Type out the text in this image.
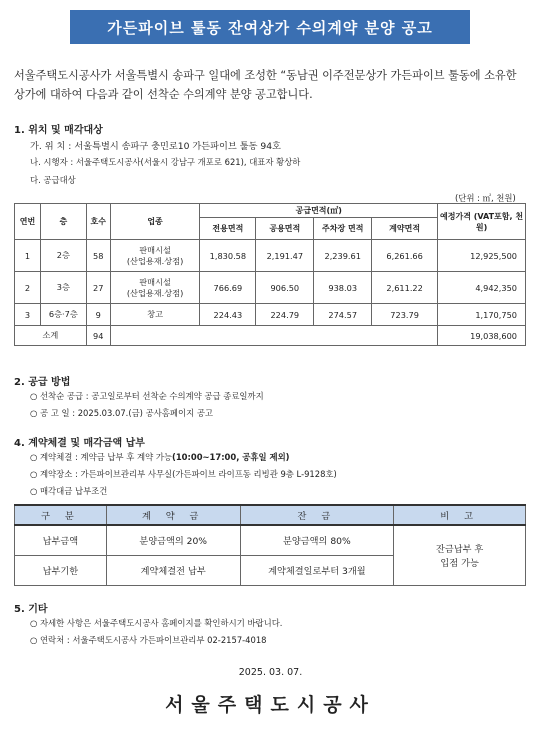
가든파이브 툴동 잔여상가 수의계약 분양 공고
서울주택도시공사가 서울특별시 송파구 일대에 조성한 “동남권 이주전문상가 가든파이브 툴동에 소유한 상가에 대하여 다음과 같이 선착순 수의계약 분양 공고합니다.
1. 위치 및 매각대상
가. 위 치 : 서울특별시 송파구 충민로10 가든파이브 툴동 94호
나. 시행자 : 서울주택도시공사(서울시 강남구 개포로 621), 대표자 황상하
다. 공급대상
(단위 : ㎡, 천원)
연번	층	호수	업종	공급면적(㎡)				예정가격 (VAT포함, 천원)
				전용면적	공용면적	주차장 면적	계약면적	
1	2층	58	판매시설
(산업용재.상점)	1,830.58	2,191.47	2,239.61	6,261.66	12,925,500
2	3층	27	판매시설
(산업용재.상점)	766.69	906.50	938.03	2,611.22	4,942,350
3	6층·7층	9	창고	224.43	224.79	274.57	723.79	1,170,750
소계		94						19,038,600
2. 공급 방법
○ 선착순 공급 : 공고일로부터 선착순 수의계약 공급 종료일까지
○ 공 고 일 : 2025.03.07.(금) 공사홈페이지 공고
4. 계약체결 및 매각금액 납부
○ 계약체결 : 계약금 납부 후 계약 가능(10:00~17:00, 공휴일 제외)
○ 계약장소 : 가든파이브관리부 사무실(가든파이브 라이프동 리빙관 9층 L-9128호)
○ 매각대금 납부조건
구 분	계 약 금	잔 금	비 고
납부금액	분양금액의 20%	분양금액의 80%	잔금납부 후
입점 가능
납부기한	계약체결전 납부	계약체결일로부터 3개월	
5. 기타
○ 자세한 사항은 서울주택도시공사 홈페이지를 확인하시기 바랍니다.
○ 연락처 : 서울주택도시공사 가든파이브관리부 02-2157-4018
2025. 03. 07.
서울주택도시공사
